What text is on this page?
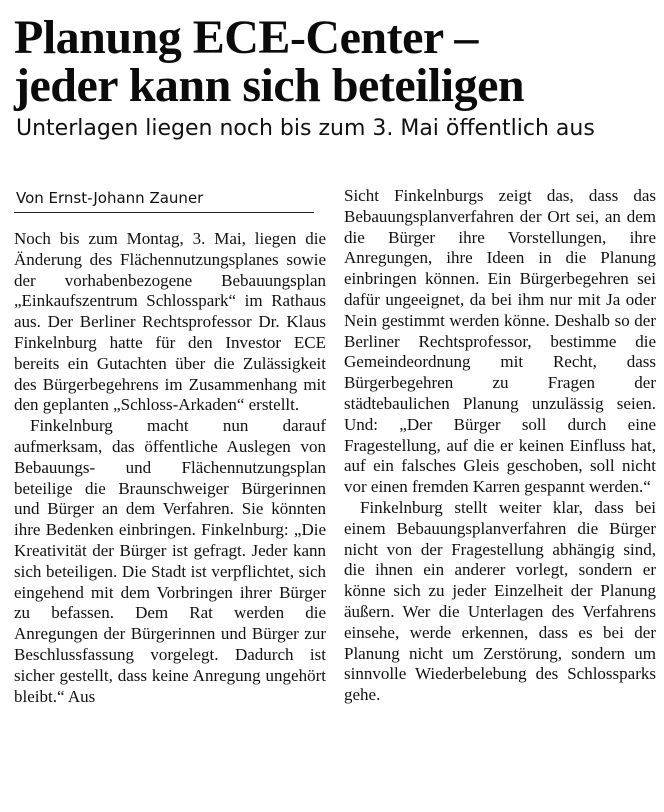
Planung ECE-Center –
jeder kann sich beteiligen
Unterlagen liegen noch bis zum 3. Mai öffentlich aus
Von Ernst-Johann Zauner

Noch bis zum Montag, 3. Mai, liegen die Änderung des Flächennutzungsplanes sowie der vorhabenbezogene Bebauungsplan „Einkaufszentrum Schlosspark“ im Rathaus aus. Der Berliner Rechtsprofessor Dr. Klaus Finkelnburg hatte für den Investor ECE bereits ein Gutachten über die Zulässigkeit des Bürgerbegehrens im Zusammenhang mit den geplanten „Schloss-Arkaden“ erstellt.

Finkelnburg macht nun darauf aufmerksam, das öffentliche Auslegen von Bebauungs- und Flächennutzungsplan beteilige die Braunschweiger Bürgerinnen und Bürger an dem Verfahren. Sie könnten ihre Bedenken einbringen. Finkelnburg: „Die Kreativität der Bürger ist gefragt. Jeder kann sich beteiligen. Die Stadt ist verpflichtet, sich eingehend mit dem Vorbringen ihrer Bürger zu befassen. Dem Rat werden die Anregungen der Bürgerinnen und Bürger zur Beschlussfassung vorgelegt. Dadurch ist sicher gestellt, dass keine Anregung ungehört bleibt.“ Aus

Sicht Finkelnburgs zeigt das, dass das Bebauungsplanverfahren der Ort sei, an dem die Bürger ihre Vorstellungen, ihre Anregungen, ihre Ideen in die Planung einbringen können. Ein Bürgerbegehren sei dafür ungeeignet, da bei ihm nur mit Ja oder Nein gestimmt werden könne. Deshalb so der Berliner Rechtsprofessor, bestimme die Gemeindeordnung mit Recht, dass Bürgerbegehren zu Fragen der städtebaulichen Planung unzulässig seien. Und: „Der Bürger soll durch eine Fragestellung, auf die er keinen Einfluss hat, auf ein falsches Gleis geschoben, soll nicht vor einen fremden Karren gespannt werden.“

Finkelnburg stellt weiter klar, dass bei einem Bebauungsplanverfahren die Bürger nicht von der Fragestellung abhängig sind, die ihnen ein anderer vorlegt, sondern er könne sich zu jeder Einzelheit der Planung äußern. Wer die Unterlagen des Verfahrens einsehe, werde erkennen, dass es bei der Planung nicht um Zerstörung, sondern um sinnvolle Wiederbelebung des Schlossparks gehe.
